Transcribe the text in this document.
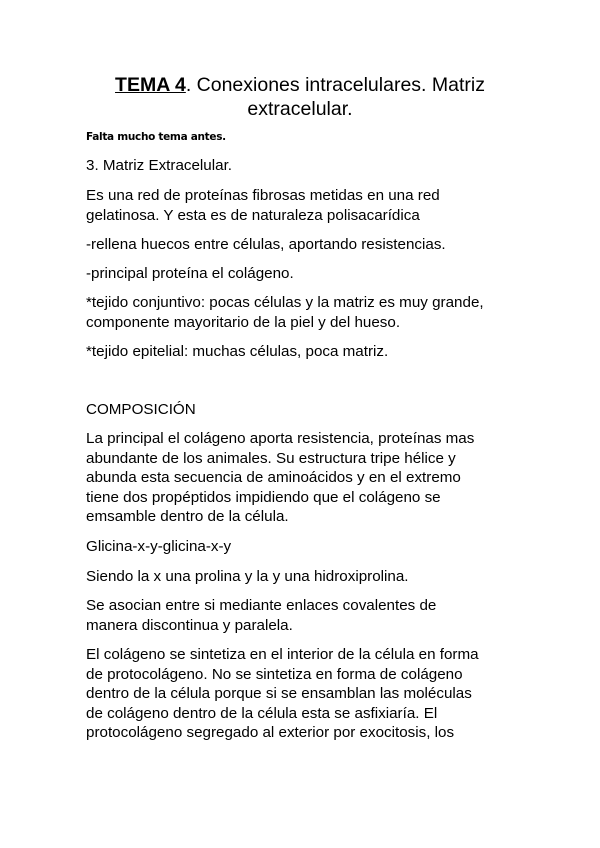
TEMA 4. Conexiones intracelulares. Matriz
extracelular.
Falta mucho tema antes.
3. Matriz Extracelular.
Es una red de proteínas fibrosas metidas en una red
gelatinosa. Y esta es de naturaleza polisacarídica
-rellena huecos entre células, aportando resistencias.
-principal proteína el colágeno.
*tejido conjuntivo: pocas células y la matriz es muy grande,
componente mayoritario de la piel y del hueso.
*tejido epitelial: muchas células, poca matriz.
COMPOSICIÓN
La principal el colágeno aporta resistencia, proteínas mas
abundante de los animales. Su estructura tripe hélice y
abunda esta secuencia de aminoácidos y en el extremo
tiene dos propéptidos impidiendo que el colágeno se
emsamble dentro de la célula.
Glicina-x-y-glicina-x-y
Siendo la x una prolina y la y una hidroxiprolina.
Se asocian entre si mediante enlaces covalentes de
manera discontinua y paralela.
El colágeno se sintetiza en el interior de la célula en forma
de protocolágeno. No se sintetiza en forma de colágeno
dentro de la célula porque si se ensamblan las moléculas
de colágeno dentro de la célula esta se asfixiaría. El
protocolágeno segregado al exterior por exocitosis, los
